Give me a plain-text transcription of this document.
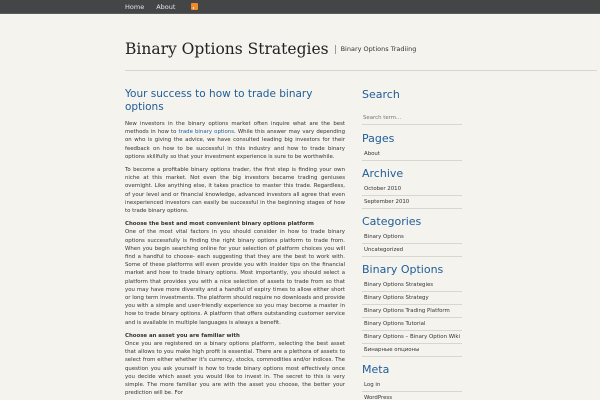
Home About
Binary Options Strategies	Binary Options Tradiing
Your success to how to trade binary options

New investors in the binary options market often inquire what are the best methods in how to trade binary options. While this answer may vary depending on who is giving the advice, we have consulted leading big investors for their feedback on how to be successful in this industry and how to trade binary options skillfully so that your investment experience is sure to be worthwhile.

To become a profitable binary options trader, the first step is finding your own niche at this market. Not even the big investors became trading geniuses overnight. Like anything else, it takes practice to master this trade. Regardless, of your level and or financial knowledge, advanced investors all agree that even inexperienced investors can easily be successful in the beginning stages of how to trade binary options.

Choose the best and most convenient binary options platform
One of the most vital factors in you should consider in how to trade binary options successfully is finding the right binary options platform to trade from. When you begin searching online for your selection of platform choices you will find a handful to choose- each suggesting that they are the best to work with. Some of these platforms will even provide you with insider tips on the financial market and how to trade binary options. Most importantly, you should select a platform that provides you with a nice selection of assets to trade from so that you may have more diversity and a handful of expiry times to allow either short or long term investments. The platform should require no downloads and provide you with a simple and user-friendly experience so you may become a master in how to trade binary options. A platform that offers outstanding customer service and is available in multiple languages is always a benefit.

Choose an asset you are familiar with
Once you are registered on a binary options platform, selecting the best asset that allows to you make high profit is essential. There are a plethora of assets to select from either whether it's currency, stocks, commodities and/or indices. The question you ask yourself is how to trade binary options most effectively once you decide which asset you would like to invest in. The secret to this is very simple. The more familiar you are with the asset you choose, the better your prediction will be. For

Search
Search term...
Pages
About
Archive
October 2010
September 2010
Categories
Binary Options
Uncategorized
Binary Options
Binary Options Strategies
Binary Options Strategy
Binary Options Trading Platform
Binary Options Tutorial
Binary Options – Binary Option Wiki
Бинарные опционы
Meta
Log in
WordPress
